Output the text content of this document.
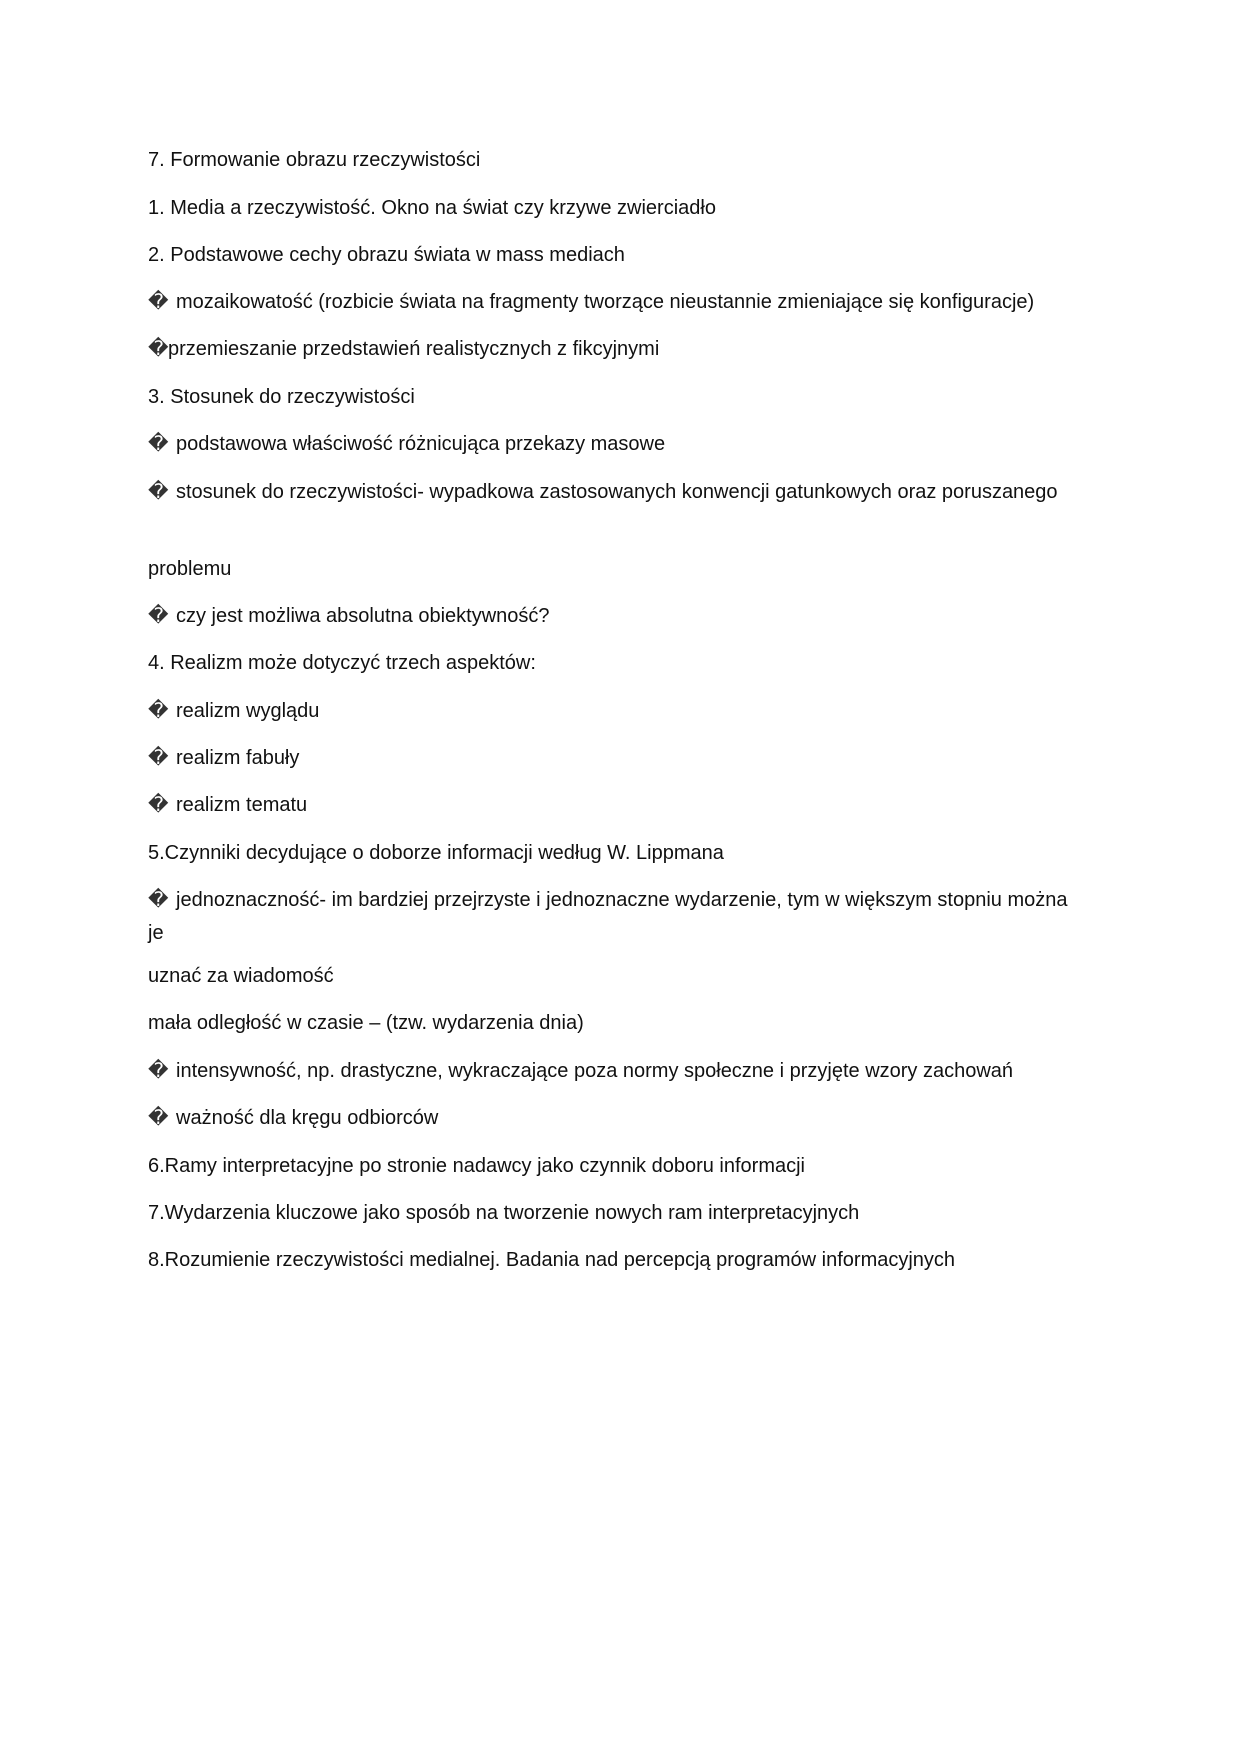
7. Formowanie obrazu rzeczywistości
1. Media a rzeczywistość. Okno na świat czy krzywe zwierciadło
2. Podstawowe cechy obrazu świata w mass mediach
� mozaikowatość (rozbicie świata na fragmenty tworzące nieustannie zmieniające się konfiguracje)
�przemieszanie przedstawień realistycznych z fikcyjnymi
3. Stosunek do rzeczywistości
� podstawowa właściwość różnicująca przekazy masowe
� stosunek do rzeczywistości- wypadkowa zastosowanych konwencji gatunkowych oraz poruszanego
problemu
� czy jest możliwa absolutna obiektywność?
4. Realizm może dotyczyć trzech aspektów:
� realizm wyglądu
� realizm fabuły
� realizm tematu
5.Czynniki decydujące o doborze informacji według W. Lippmana
� jednoznaczność- im bardziej przejrzyste i jednoznaczne wydarzenie, tym w większym stopniu można je
uznać za wiadomość
mała odległość w czasie – (tzw. wydarzenia dnia)
� intensywność, np. drastyczne, wykraczające poza normy społeczne i przyjęte wzory zachowań
� ważność dla kręgu odbiorców
6.Ramy interpretacyjne po stronie nadawcy jako czynnik doboru informacji
7.Wydarzenia kluczowe jako sposób na tworzenie nowych ram interpretacyjnych
8.Rozumienie rzeczywistości medialnej. Badania nad percepcją programów informacyjnych
